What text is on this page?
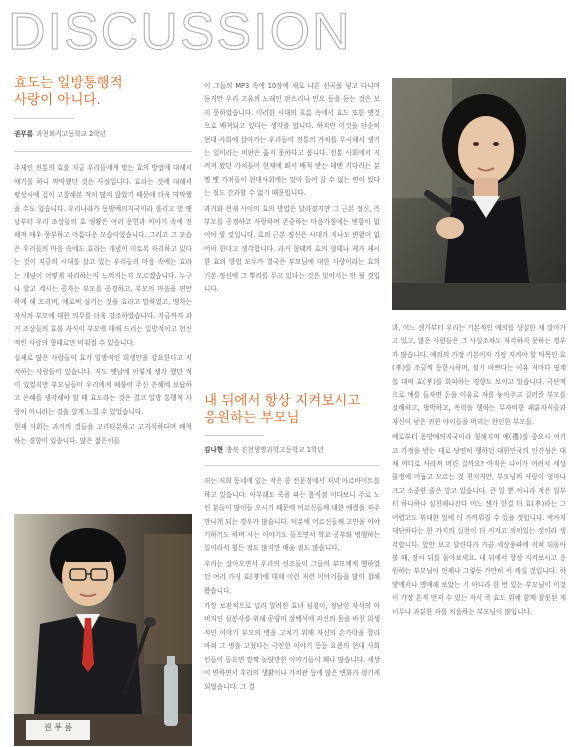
DISCUSSION
효도는 일방통행적
사랑이 아니다.

권푸름 과천외지고등학교 2학년

주제인 전통의 효를 지금 우리들에게 맞는 효의 방법에 대해서 얘기를 하니 막막했던 것은 사실입니다. 효라는 것에 대해서 평상시에 깊이 고찰해본 적이 많지 않았기 때문에 더욱 막막했을 수도 있습니다. 우리나라가 동방예의지국이라 불리고 먼 옛날부터 우리 조상들의 효 생활은 여러 문헌과 이야기 속에 전해져 매우 풍부하고 아름다운 모습이었습니다. 그리고 그 모습은 우리들의 마음 속에도 효라는 개념이 이토록 자리하고 있다는 것이 지금의 시대를 살고 있는 우리들의 마음 속에는 효라는 개념이 어떻게 자리하는지 느껴지는지 모르겠습니다. 누구나 알고 계시는 공자는 부모를 공경하고, 부모의 마음을 편안하게 해 드리며, 예로써 섬기는 것을 효라고 말하였고, 맹자는 자식의 부모에 대한 의무를 더욱 강조하였습니다. 지금까지 과거 조상들의 효를 자식이 부모에 대해 드리는 일방적이고 헌신적인 사랑의 형태로만 비춰질 수 있습니다.

실제로 많은 사람들이 효가 일방적인 희생만을 강요한다고 지적하는 사람들이 있습니다. 저도 옛날에 이렇게 생각 했던 적이 있었지만 부모님들이 우리에게 베풀어 주신 은혜에 보답하고 은혜를 생각해야 할 때 효도라는 것은 결코 일방 통행적 사랑이 아니라는 것을 알게 느낄 수 있었습니다.

현재 사회는 과거의 것들을 고리타분하고 고지식하다며 배척하는 경향이 있습니다. 많은 젊은이들

이 그들의 MP3 속에 10장에 새로 나온 신곡을 넣고 다니며 듣지만 우리 고유의 노래인 판소리나 민요 등을 듣는 것은 보지 못하였습니다. 이러한 시대의 흐름 속에서 효도 또한 옛것으로 배척되고 있다는 생각을 합니다. 하지만 이것을 단순히 현대 사회에 살아가는 우리들이 전통의 가치를 무시해서 생기는 일이라는 비판은 옳지 못하다고 봅니다. 전통 사회에서 지켜져 왔던 가치들이 현재에 와서 배척 받는 데엔 기다리는 분명 옛 가치들이 현대사회에는 맞아 들어 갈 수 없는 면이 있다는 점도 간과할 수 없기 때문입니다.

과거와 현재 사이의 효의 방법은 달라졌지만 그 근본 정신, 즉 부모를 공경하고 사랑하며 존중하는 마음가짐에는 변함이 없어야 할 것입니다. 효의 근본 정신은 시대가 지나도 변함이 없어야 한다고 생각합니다. 과거 형태의 효의 형태나 제가 제시한 효의 방법 모두가 결국은 부모님에 대한 사랑이라는 효의 기본 정신에 그 뿌리를 두고 있다는 것은 잊어서는 안 될 것입니다.

내 뒤에서 항상 지켜보시고
응원하는 부모님

김나현 충북 진천생명과학고등학교 1학년

저는 저희 동네에 있는 작은 중 전문점에서 저녁 아르바이트를 하고 있습니다. 아무래도 죽을 파는 음식점 이다보니 주로 노인 분들이 많이들 오시기 때문에 어르신들께 대한 예절을 자주 만나게 되는 경우가 많습니다. 덕분에 어르신들께 고민을 이야기하기도 하며 사는 이야기도 들으면서 학교 공부와 병행하는 일이라서 힘든 점도 많지만 배울 점도 많습니다.

우리는 살아오면서 우리의 선조들이 그들의 부모에게 행하였던 여러 가지 효(孝)에 대해 이런 저런 이야기들을 많이 접해왔습니다.

가장 보편적으로 널리 알려진 효녀 심청이, 정남인 자식의 아버지인 심봉사를 위해 공양미 삼백석에 자신의 몸을 바친 희생적인 이야기 부모의 병을 고치기 위해 자신의 손가락을 잘라 바쳐 그 병을 고쳤다는 극진한 이야기 등등 요즘의 현대 사회인들이 들으면 깜짝 놀랄만한 이야기들이 꽤나 많습니다. 세상이 변하면서 우리의 생활이나 가치관 등에 많은 변화가 생기게 되었습니다. 그 결

과, 어느 샌가부터 우리는 기본적인 예의를 상실한 채 살아가고 있고, 많은 사람들은 그 사실조차도 자각하지 못하는 경우가 많습니다. 예의의 가장 기본이자 가장 지켜야 할 덕목인 효(孝)를 조금씩 등한시하며, 설기 바쁘다는 이유 저마다 핑계를 대며 효(孝)를 회피하는 경향도 보이고 있습니다. 극단적으로 예를 들자면 돈을 이유로 자를 놓아주고 길러준 부모를 살해하고, 협박하고, 폭력을 행하는 무자비한 패륜자식들과 자신이 낳은 귀한 아이들을 버리는 잔인한 부모들.

예로부터 동방예의지국이라 칭해지며 예(禮)를 중요시 여기고 가정을 받는 대로 당연히 행하던 대한민국의 인간성은 대체 어디로 사라져 버린 걸까요? 아직은 나이가 어려서 세상 물정에 어둡고 모르는 것 천지지만, 부모님의 사랑이 얼마나 크고 소중한 줄은 알고 있습니다. 큰 일 뿐 아니라 작은 일부터 하나하나 실천해나간다 어느 샌가 한결 더 효(孝)라는 그 어렵고도 위대한 일에 더 가까워질 수 있을 것입니다. 벅가지 대단하다는 한 가지의 실천이 더 커지고 의미있는 것이라 생각합니다. 앞만 보고 달린다가 가끔 세상풍파에 지쳐 뒤돌아 볼 때, 잠시 뒤를 돌아보세요. 내 뒤에서 항상 지켜보시고 응원하는 부모님이 언제나 그렇듯 가만히 서 계실 것입니다. 하얗에서나 명예해 보았는 기 아니라 한 번 있는 부모님이 이것이 가장 흔적 먼저 수 있는 자식 즉 효도 위에 함께 잘못된 게 너무나 과분한 자를 처음하는 부모님이 많입니다.

권 푸 름
